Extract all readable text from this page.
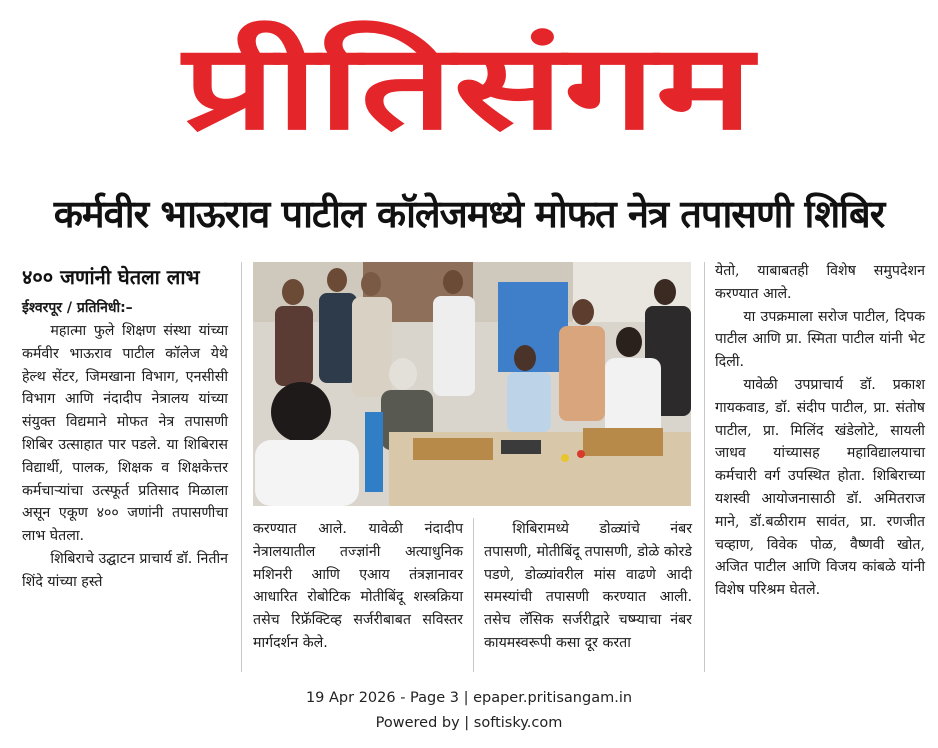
प्रीतिसंगम
कर्मवीर भाऊराव पाटील कॉलेजमध्ये मोफत नेत्र तपासणी शिबिर
४०० जणांनी घेतला लाभ
ईश्वरपूर / प्रतिनिधी:–

महात्मा फुले शिक्षण संस्था यांच्या कर्मवीर भाऊराव पाटील कॉलेज येथे हेल्थ सेंटर, जिमखाना विभाग, एनसीसी विभाग आणि नंदादीप नेत्रालय यांच्या संयुक्त विद्यमाने मोफत नेत्र तपासणी शिबिर उत्साहात पार पडले. या शिबिरास विद्यार्थी, पालक, शिक्षक व शिक्षकेत्तर कर्मचाऱ्यांचा उत्स्फूर्त प्रतिसाद मिळाला असून एकूण ४०० जणांनी तपासणीचा लाभ घेतला.

शिबिराचे उद्घाटन प्राचार्य डॉ. नितीन शिंदे यांच्या हस्ते

करण्यात आले. यावेळी नंदादीप नेत्रालयातील तज्ज्ञांनी अत्याधुनिक मशिनरी आणि एआय तंत्रज्ञानावर आधारित रोबोटिक मोतीबिंदू शस्त्रक्रिया तसेच रिफ्रॅक्टिव्ह सर्जरीबाबत सविस्तर मार्गदर्शन केले.

शिबिरामध्ये डोळ्यांचे नंबर तपासणी, मोतीबिंदू तपासणी, डोळे कोरडे पडणे, डोळ्यांवरील मांस वाढणे आदी समस्यांची तपासणी करण्यात आली. तसेच लॅसिक सर्जरीद्वारे चष्म्याचा नंबर कायमस्वरूपी कसा दूर करता

येतो, याबाबतही विशेष समुपदेशन करण्यात आले.

या उपक्रमाला सरोज पाटील, दिपक पाटील आणि प्रा. स्मिता पाटील यांनी भेट दिली.

यावेळी उपप्राचार्य डॉ. प्रकाश गायकवाड, डॉ. संदीप पाटील, प्रा. संतोष पाटील, प्रा. मिलिंद खंडेलोटे, सायली जाधव यांच्यासह महाविद्यालयाचा कर्मचारी वर्ग उपस्थित होता. शिबिराच्या यशस्वी आयोजनासाठी डॉ. अमितराज माने, डॉ.बळीराम सावंत, प्रा. रणजीत चव्हाण, विवेक पोळ, वैष्णवी खोत, अजित पाटील आणि विजय कांबळे यांनी विशेष परिश्रम घेतले.

19 Apr 2026 - Page 3 | epaper.pritisangam.in
Powered by | softisky.com
